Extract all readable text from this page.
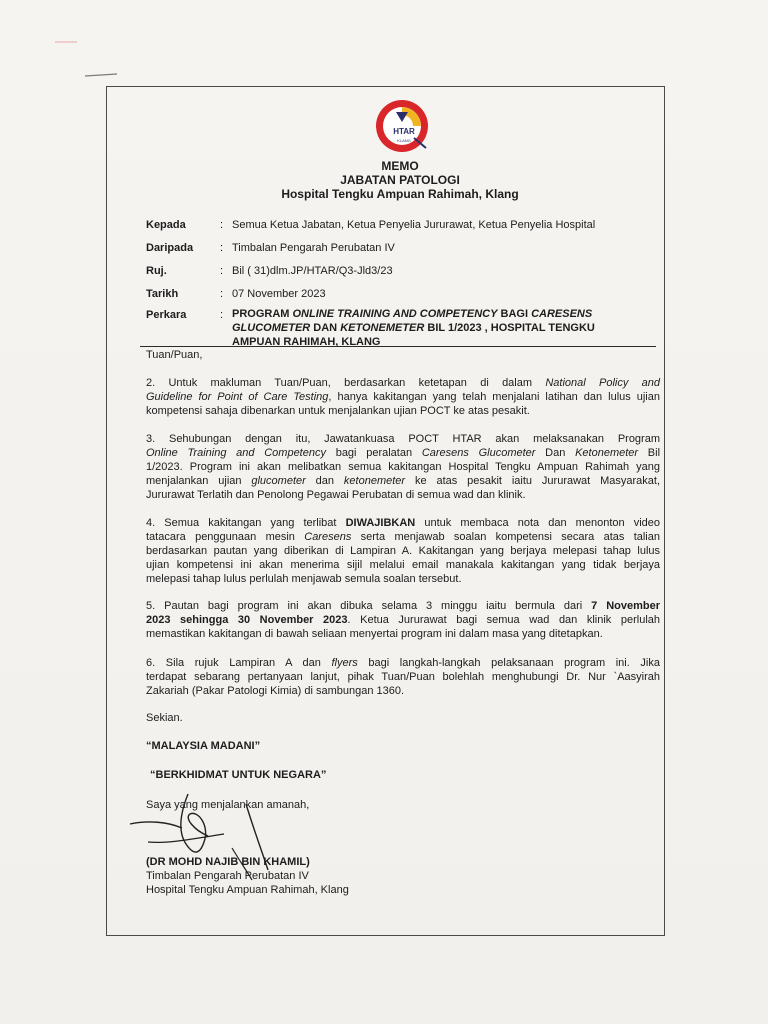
HTAR
KLANG
MEMO
JABATAN PATOLOGI
Hospital Tengku Ampuan Rahimah, Klang
Kepada	: Semua Ketua Jabatan, Ketua Penyelia Jururawat, Ketua Penyelia Hospital
Daripada : Timbalan Pengarah Perubatan IV
Ruj.	: Bil ( 31)dlm.JP/HTAR/Q3-Jld3/23
Tarikh	: 07 November 2023
Perkara	: PROGRAM ONLINE TRAINING AND COMPETENCY BAGI CARESENS
GLUCOMETER DAN KETONEMETER BIL 1/2023 , HOSPITAL TENGKU
AMPUAN RAHIMAH, KLANG
Tuan/Puan,
2. Untuk makluman Tuan/Puan, berdasarkan ketetapan di dalam National Policy and
Guideline for Point of Care Testing, hanya kakitangan yang telah menjalani latihan dan lulus ujian
kompetensi sahaja dibenarkan untuk menjalankan ujian POCT ke atas pesakit.
3. Sehubungan dengan itu, Jawatankuasa POCT HTAR akan melaksanakan Program
Online Training and Competency bagi peralatan Caresens Glucometer Dan Ketonemeter Bil
1/2023. Program ini akan melibatkan semua kakitangan Hospital Tengku Ampuan Rahimah yang
menjalankan ujian glucometer dan ketonemeter ke atas pesakit iaitu Jururawat Masyarakat,
Jururawat Terlatih dan Penolong Pegawai Perubatan di semua wad dan klinik.
4. Semua kakitangan yang terlibat DIWAJIBKAN untuk membaca nota dan menonton video
tatacara penggunaan mesin Caresens serta menjawab soalan kompetensi secara atas talian
berdasarkan pautan yang diberikan di Lampiran A. Kakitangan yang berjaya melepasi tahap lulus
ujian kompetensi ini akan menerima sijil melalui email manakala kakitangan yang tidak berjaya
melepasi tahap lulus perlulah menjawab semula soalan tersebut.
5. Pautan bagi program ini akan dibuka selama 3 minggu iaitu bermula dari 7 November
2023 sehingga 30 November 2023. Ketua Jururawat bagi semua wad dan klinik perlulah
memastikan kakitangan di bawah seliaan menyertai program ini dalam masa yang ditetapkan.
6. Sila rujuk Lampiran A dan flyers bagi langkah-langkah pelaksanaan program ini. Jika
terdapat sebarang pertanyaan lanjut, pihak Tuan/Puan bolehlah menghubungi Dr. Nur `Aasyirah
Zakariah (Pakar Patologi Kimia) di sambungan 1360.
Sekian.
“MALAYSIA MADANI”
“BERKHIDMAT UNTUK NEGARA”
Saya yang menjalankan amanah,
(DR MOHD NAJIB BIN KHAMIL)
Timbalan Pengarah Perubatan IV
Hospital Tengku Ampuan Rahimah, Klang
